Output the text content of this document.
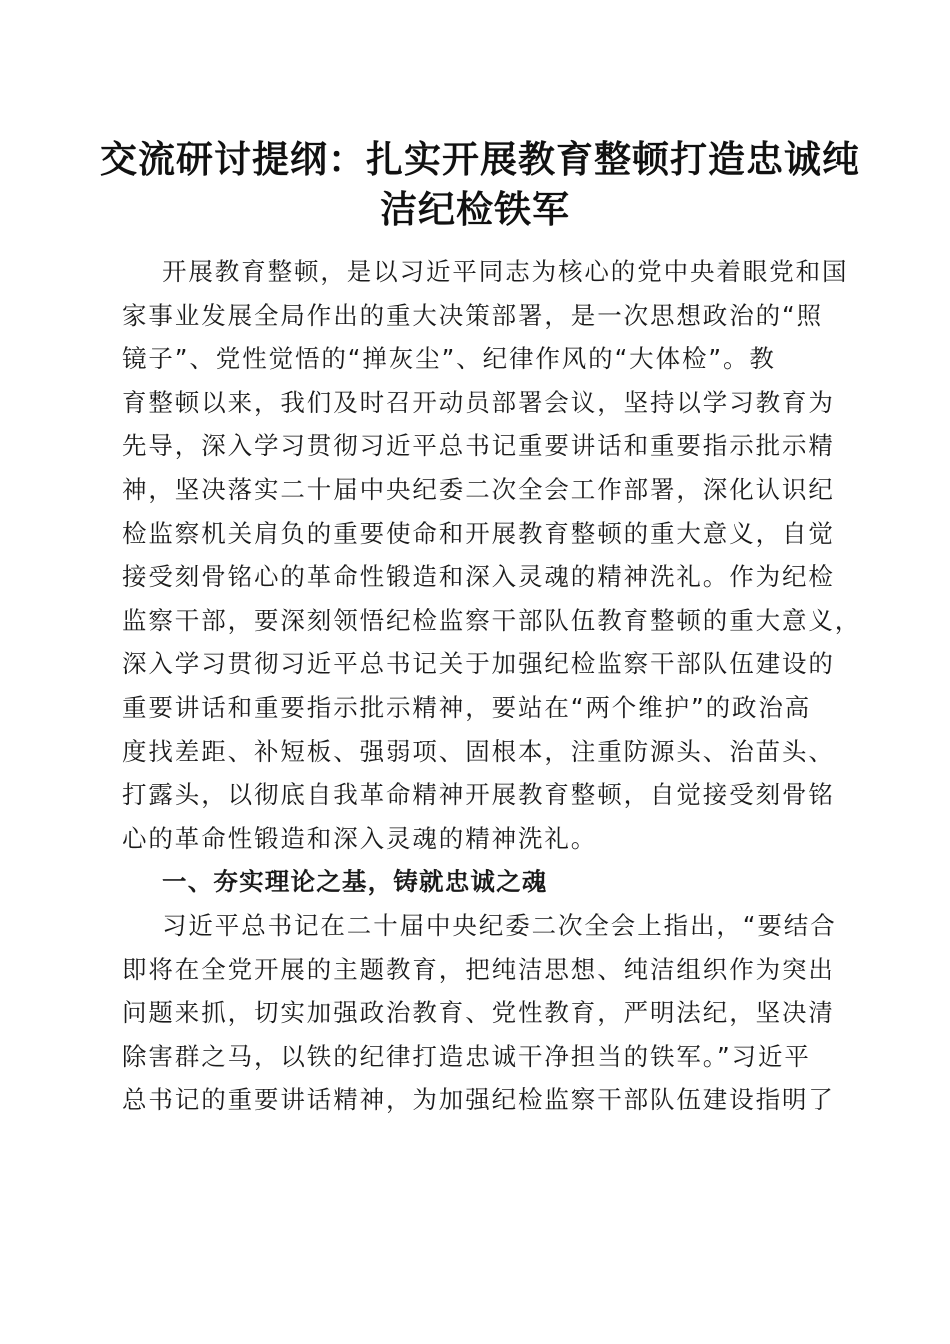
交流研讨提纲：扎实开展教育整顿打造忠诚纯
洁纪检铁军
开展教育整顿，是以习近平同志为核心的党中央着眼党和国
家事业发展全局作出的重大决策部署，是一次思想政治的“照
镜子”、党性觉悟的“掸灰尘”、纪律作风的“大体检”。教
育整顿以来，我们及时召开动员部署会议，坚持以学习教育为
先导，深入学习贯彻习近平总书记重要讲话和重要指示批示精
神，坚决落实二十届中央纪委二次全会工作部署，深化认识纪
检监察机关肩负的重要使命和开展教育整顿的重大意义，自觉
接受刻骨铭心的革命性锻造和深入灵魂的精神洗礼。作为纪检
监察干部，要深刻领悟纪检监察干部队伍教育整顿的重大意义，
深入学习贯彻习近平总书记关于加强纪检监察干部队伍建设的
重要讲话和重要指示批示精神，要站在“两个维护”的政治高
度找差距、补短板、强弱项、固根本，注重防源头、治苗头、
打露头，以彻底自我革命精神开展教育整顿，自觉接受刻骨铭
心的革命性锻造和深入灵魂的精神洗礼。
一、夯实理论之基，铸就忠诚之魂
习近平总书记在二十届中央纪委二次全会上指出，“要结合
即将在全党开展的主题教育，把纯洁思想、纯洁组织作为突出
问题来抓，切实加强政治教育、党性教育，严明法纪，坚决清
除害群之马，以铁的纪律打造忠诚干净担当的铁军。”习近平
总书记的重要讲话精神，为加强纪检监察干部队伍建设指明了
